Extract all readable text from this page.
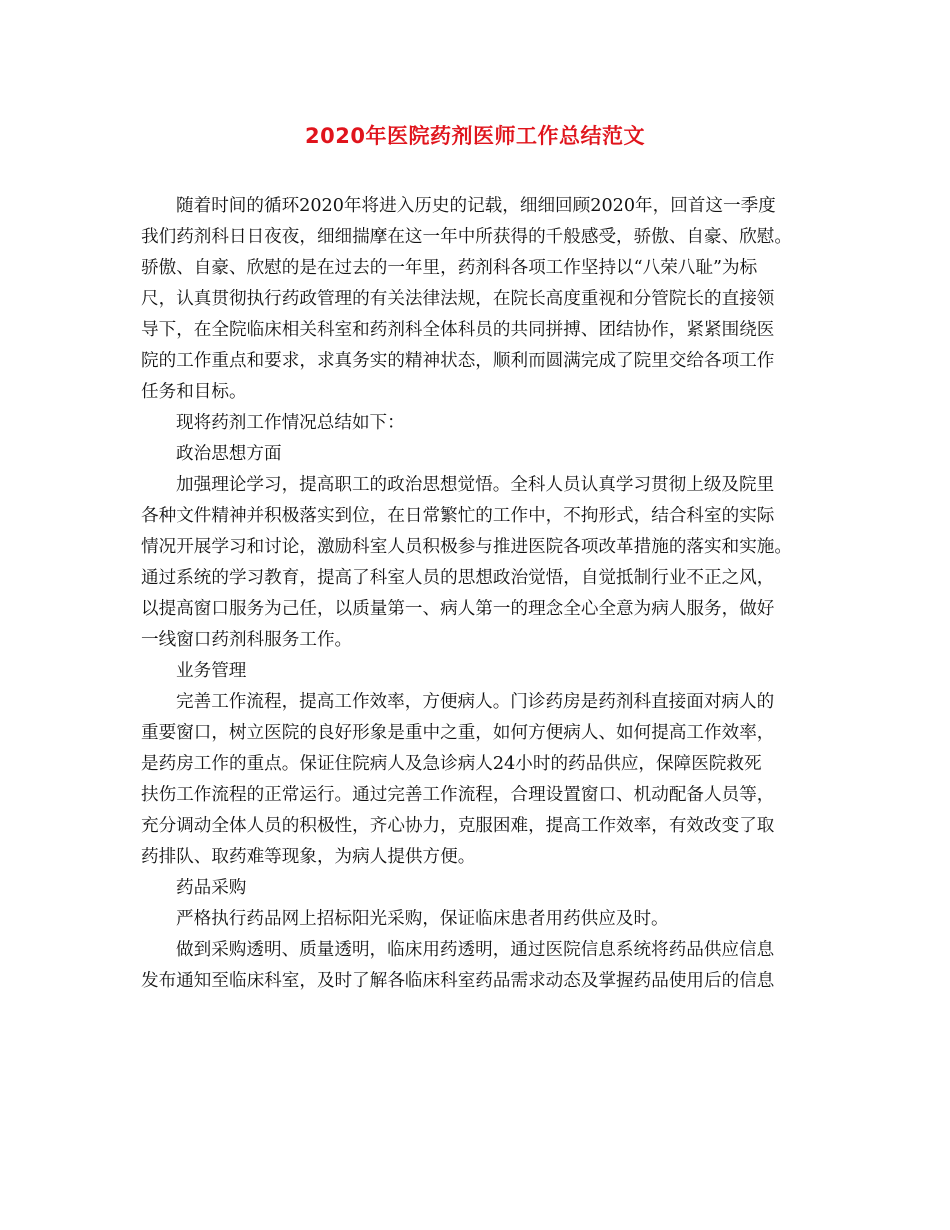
2020年医院药剂医师工作总结范文
随着时间的循环2020年将进入历史的记载，细细回顾2020年，回首这一季度
我们药剂科日日夜夜，细细揣摩在这一年中所获得的千般感受，骄傲、自豪、欣慰。
骄傲、自豪、欣慰的是在过去的一年里，药剂科各项工作坚持以“八荣八耻”为标
尺，认真贯彻执行药政管理的有关法律法规，在院长高度重视和分管院长的直接领
导下，在全院临床相关科室和药剂科全体科员的共同拼搏、团结协作，紧紧围绕医
院的工作重点和要求，求真务实的精神状态，顺利而圆满完成了院里交给各项工作
任务和目标。
现将药剂工作情况总结如下：
政治思想方面
加强理论学习，提高职工的政治思想觉悟。全科人员认真学习贯彻上级及院里
各种文件精神并积极落实到位，在日常繁忙的工作中，不拘形式，结合科室的实际
情况开展学习和讨论，激励科室人员积极参与推进医院各项改革措施的落实和实施。
通过系统的学习教育，提高了科室人员的思想政治觉悟，自觉抵制行业不正之风，
以提高窗口服务为己任，以质量第一、病人第一的理念全心全意为病人服务，做好
一线窗口药剂科服务工作。
业务管理
完善工作流程，提高工作效率，方便病人。门诊药房是药剂科直接面对病人的
重要窗口，树立医院的良好形象是重中之重，如何方便病人、如何提高工作效率，
是药房工作的重点。保证住院病人及急诊病人24小时的药品供应，保障医院救死
扶伤工作流程的正常运行。通过完善工作流程，合理设置窗口、机动配备人员等，
充分调动全体人员的积极性，齐心协力，克服困难，提高工作效率，有效改变了取
药排队、取药难等现象，为病人提供方便。
药品采购
严格执行药品网上招标阳光采购，保证临床患者用药供应及时。
做到采购透明、质量透明，临床用药透明，通过医院信息系统将药品供应信息
发布通知至临床科室，及时了解各临床科室药品需求动态及掌握药品使用后的信息
